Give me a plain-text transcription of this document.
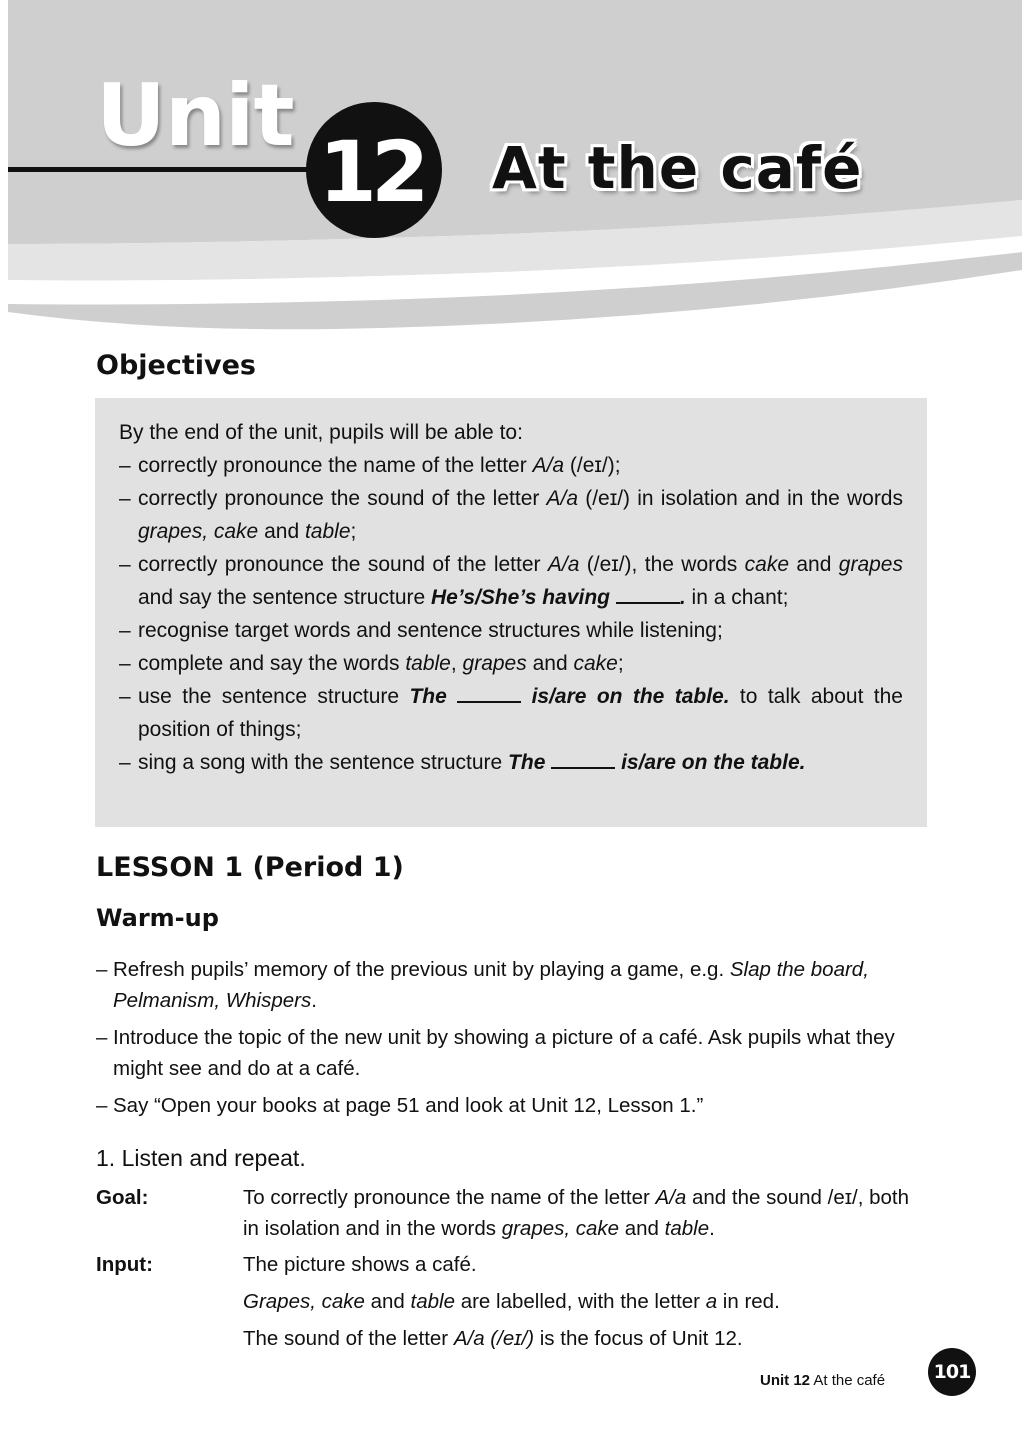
Unit
12 At the café
Objectives
By the end of the unit, pupils will be able to:
– correctly pronounce the name of the letter A/a (/eɪ/);
– correctly pronounce the sound of the letter A/a (/eɪ/) in isolation and in the words grapes, cake and table;
– correctly pronounce the sound of the letter A/a (/eɪ/), the words cake and grapes and say the sentence structure He’s/She’s having	. in a chant;
– recognise target words and sentence structures while listening;
– complete and say the words table, grapes and cake;
– use the sentence structure The	is/are on the table. to talk about the position of things;
– sing a song with the sentence structure The	is/are on the table.
LESSON 1 (Period 1)
Warm-up
– Refresh pupils’ memory of the previous unit by playing a game, e.g. Slap the board, Pelmanism, Whispers.
– Introduce the topic of the new unit by showing a picture of a café. Ask pupils what they might see and do at a café.
– Say “Open your books at page 51 and look at Unit 12, Lesson 1.”
1. Listen and repeat.
Goal:	To correctly pronounce the name of the letter A/a and the sound /eɪ/, both in isolation and in the words grapes, cake and table.
Input:	The picture shows a café.
Grapes, cake and table are labelled, with the letter a in red.
The sound of the letter A/a (/eɪ/) is the focus of Unit 12.
Unit 12 At the café	101
